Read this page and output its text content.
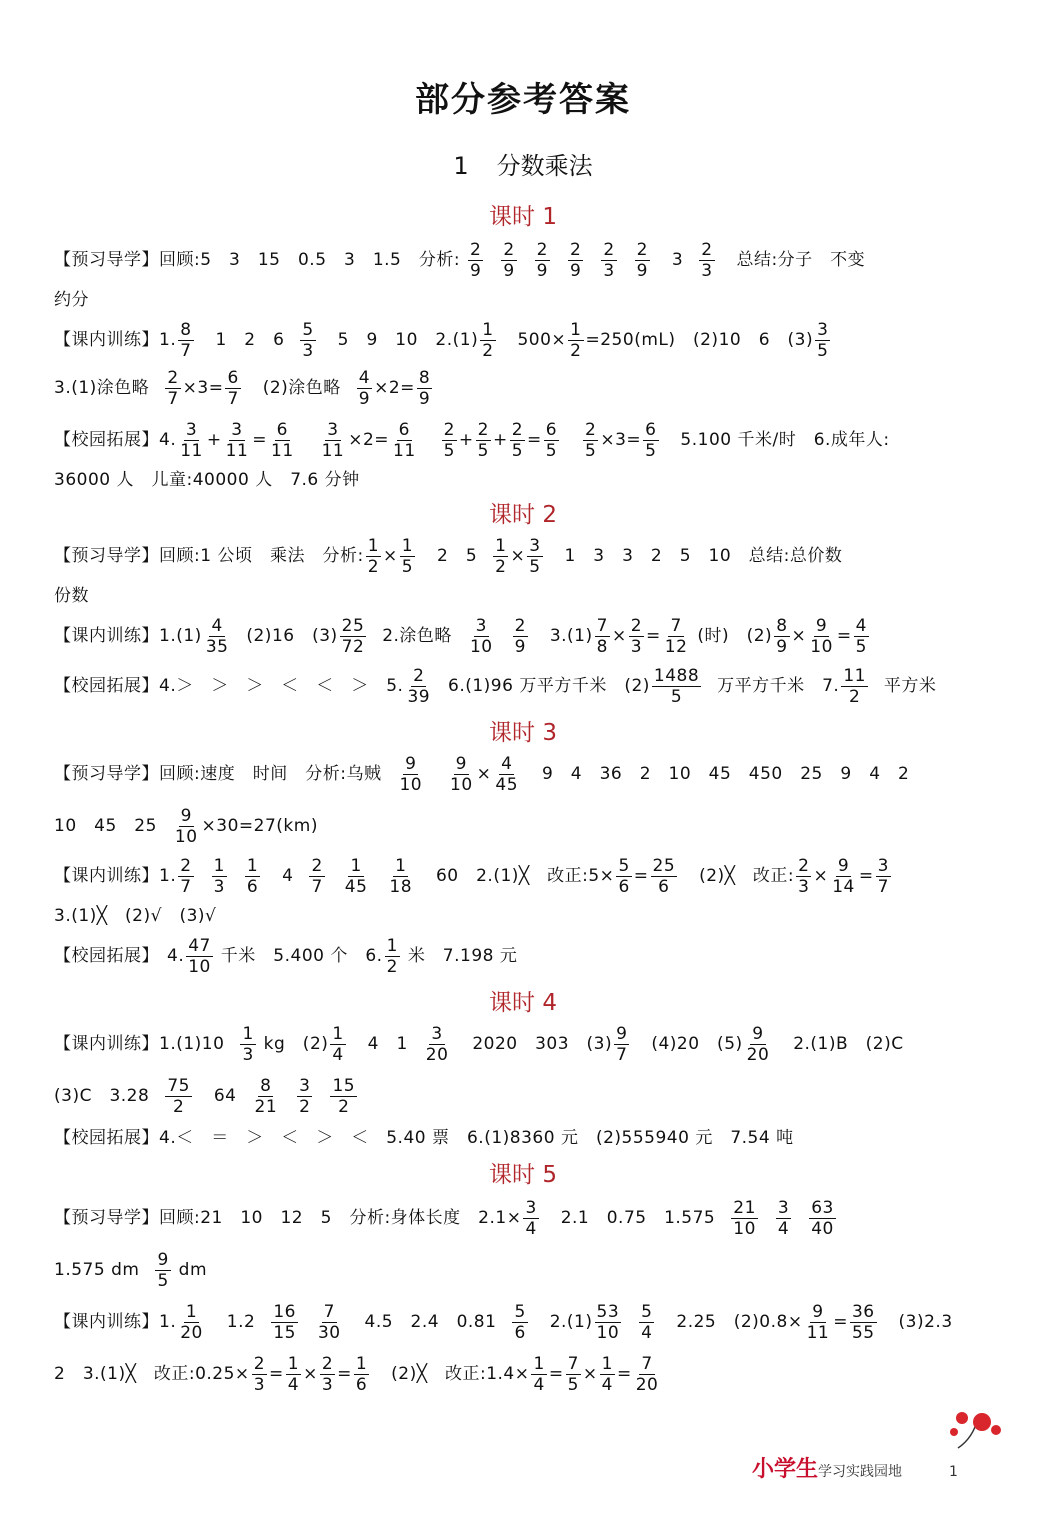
部分参考答案
1 分数乘法
课时 1
【预习导学】回顾:5　3　15　0.5　3　1.5　分析: $\frac{2}{9} \frac{2}{9} \frac{2}{9} \frac{2}{9} \frac{2}{3} \frac{2}{9} 3 \frac{2}{3}$ 总结:分子　不变
约分
【课内训练】1. $\frac{8}{7} 1$　2　$6 \frac{5}{3} 5$　9　10　$2.(1) \frac{1}{2} 500\times \frac{1}{2} =250(mL)$　(2)10　6　$(3) \frac{3}{5}$
3.(1)涂色略 $\frac{2}{7} \times 3= \frac{6}{7} (2)$涂色略 $\frac{4}{9} \times 2= \frac{8}{9}$
【校园拓展】4. $\frac{3}{11} + \frac{3}{11} = \frac{6}{11}$
$\frac{3}{11} \times 2= \frac{6}{11}$
$\frac{2}{5} + \frac{2}{5} + \frac{2}{5} = \frac{6}{5}$
$\frac{2}{5} \times 3= \frac{6}{5} 5.100$ 千米/时　6.成年人:
36000 人　儿童:40000 人　7.6 分钟
课时 2
【预习导学】回顾:1 公顷　乘法　分析: $\frac{1}{2} \times \frac{1}{5} 2$　$5 \frac{1}{2} \times \frac{3}{5} 1$　3　3　2　5　10　总结:总价数
份数
【课内训练】$1.(1) \frac{4}{35} (2)16$　$(3) \frac{25}{72} 2$.涂色略 $\frac{3}{10} \frac{2}{9} 3.(1) \frac{7}{8} \times \frac{2}{3} = \frac{7}{12}$ (时)　$(2) \frac{8}{9} \times \frac{9}{10} = \frac{4}{5}$
【校园拓展】4.＞　＞　＞　＜　＜　＞　5. $\frac{2}{39} 6.(1)96$ 万平方千米　$(2) \frac{1488}{5}$ 万平方千米　7. $\frac{11}{2}$ 平方米
课时 3
【预习导学】回顾:速度　时间　分析:乌贼 $\frac{9}{10}$
$\frac{9}{10} \times \frac{4}{45} 9$　4　36　2　10　45　450　25　9　4　2
10　45　$25 \frac{9}{10} \times 30=27(km)$
【课内训练】1. $\frac{2}{7} \frac{1}{3} \frac{1}{6} 4 \frac{2}{7} \frac{1}{45} \frac{1}{18} 60$　2.(1)╳　改正:5× $\frac{5}{6} = \frac{25}{6}$ (2)╳　改正: $\frac{2}{3} \times \frac{9}{14} = \frac{3}{7}$
3.(1)╳　(2)√　(3)√
【校园拓展】 4. $\frac{47}{10}$ 千米　5.400 个　6. $\frac{1}{2}$ 米　7.198 元
课时 4
【课内训练】$1.(1)10 \frac{1}{3}$ kg　$(2) \frac{1}{4} 4$　$1 \frac{3}{20} 2020$　303　$(3) \frac{9}{7} (4)20$　$(5) \frac{9}{20} 2.(1)B$　(2)C
(3)C　$3.28 \frac{75}{2} 64 \frac{8}{21} \frac{3}{2} \frac{15}{2}$
【校园拓展】4.＜　＝　＞　＜　＞　＜　5.40 票　6.(1)8360 元　(2)555940 元　7.54 吨
课时 5
【预习导学】回顾:21　10　12　5　分析:身体长度　$2.1\times \frac{3}{4} 2.1$　0.75　$1.575 \frac{21}{10} \frac{3}{4} \frac{63}{40}$
1.575 dm $\frac{9}{5}$ dm
【课内训练】1. $\frac{1}{20} 1.2 \frac{16}{15} \frac{7}{30} 4.5$　2.4　$0.81 \frac{5}{6} 2.(1) \frac{53}{10} \frac{5}{4} 2.25$　$(2)0.8\times \frac{9}{11} = \frac{36}{55} (3)2.3$
2　3.(1)╳　改正:0.25× $\frac{2}{3} = \frac{1}{4} \times \frac{2}{3} = \frac{1}{6}$ (2)╳　改正:1.4× $\frac{1}{4} = \frac{7}{5} \times \frac{1}{4} = \frac{7}{20}$
小学生学习实践园地	1
